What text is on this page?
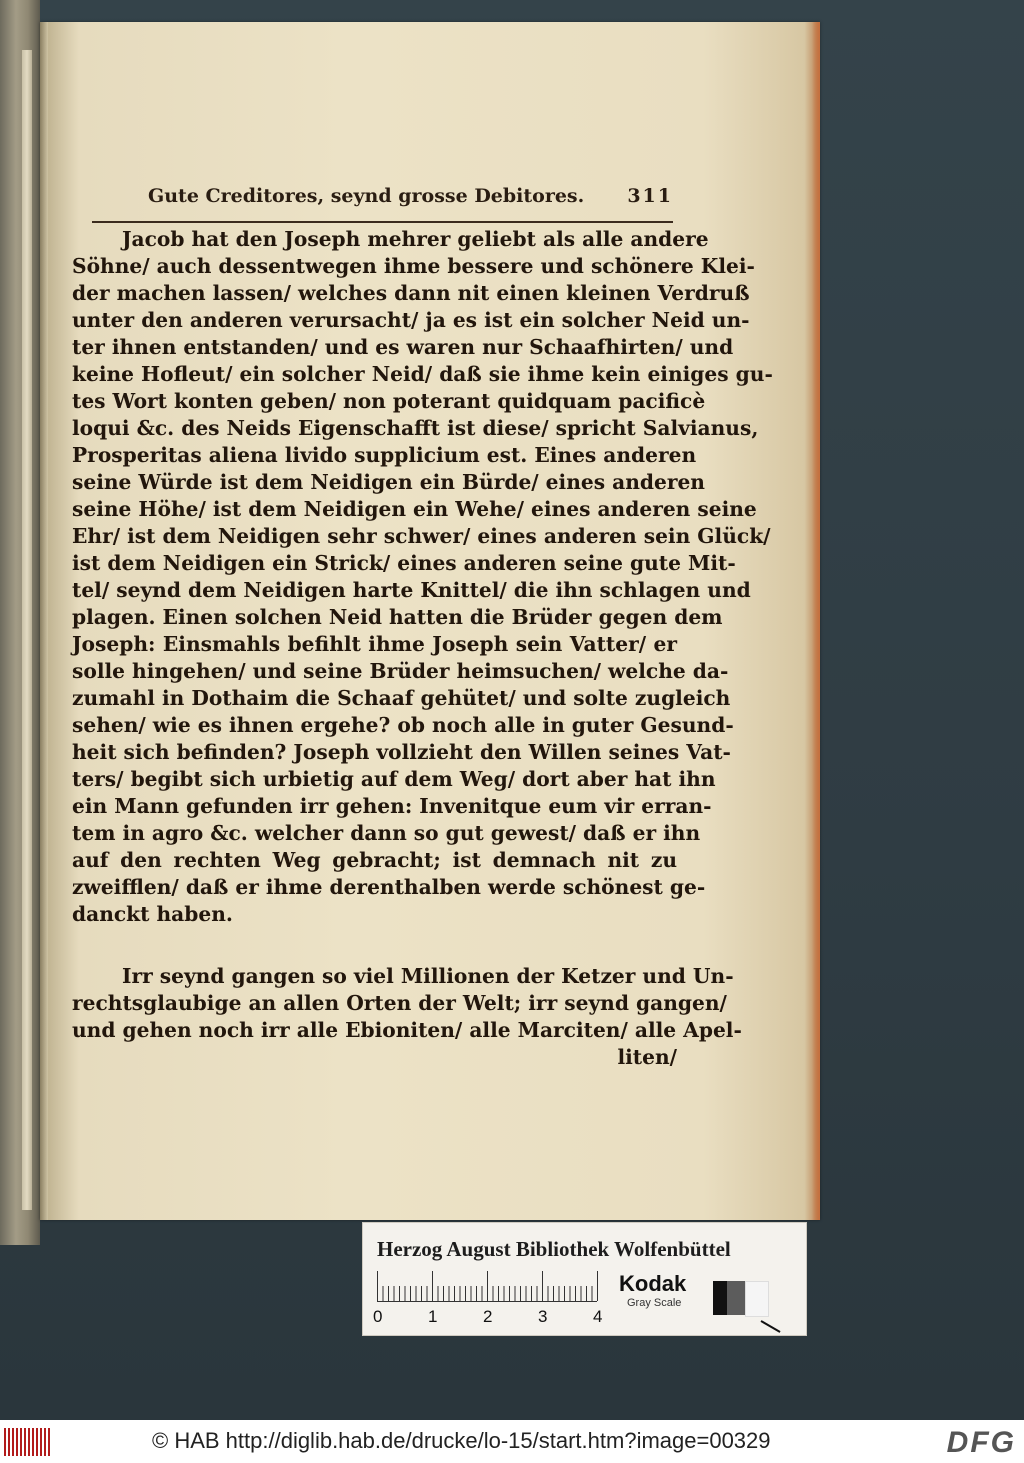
Gute Creditores, seynd grosse Debitores. 311
Jacob hat den Joseph mehrer geliebt als alle andere
Söhne/ auch dessentwegen ihme bessere und schönere Klei-
der machen lassen/ welches dann nit einen kleinen Verdruß
unter den anderen verursacht/ ja es ist ein solcher Neid un-
ter ihnen entstanden/ und es waren nur Schaafhirten/ und
keine Hofleut/ ein solcher Neid/ daß sie ihme kein einiges gu-
tes Wort konten geben/ non poterant quidquam pacificè
loqui &c. des Neids Eigenschafft ist diese/ spricht Salvianus,
Prosperitas aliena livido supplicium est. Eines anderen
seine Würde ist dem Neidigen ein Bürde/ eines anderen
seine Höhe/ ist dem Neidigen ein Wehe/ eines anderen seine
Ehr/ ist dem Neidigen sehr schwer/ eines anderen sein Glück/
ist dem Neidigen ein Strick/ eines anderen seine gute Mit-
tel/ seynd dem Neidigen harte Knittel/ die ihn schlagen und
plagen. Einen solchen Neid hatten die Brüder gegen dem
Joseph: Einsmahls befihlt ihme Joseph sein Vatter/ er
solle hingehen/ und seine Brüder heimsuchen/ welche da-
zumahl in Dothaim die Schaaf gehütet/ und solte zugleich
sehen/ wie es ihnen ergehe? ob noch alle in guter Gesund-
heit sich befinden? Joseph vollzieht den Willen seines Vat-
ters/ begibt sich urbietig auf dem Weg/ dort aber hat ihn
ein Mann gefunden irr gehen: Invenitque eum vir erran-
tem in agro &c. welcher dann so gut gewest/ daß er ihn
auf den rechten Weg gebracht; ist demnach nit zu
zweifflen/ daß er ihme derenthalben werde schönest ge-
danckt haben.
Irr seynd gangen so viel Millionen der Ketzer und Un-
rechtsglaubige an allen Orten der Welt; irr seynd gangen/
und gehen noch irr alle Ebioniten/ alle Marciten/ alle Apel-
liten/
Herzog August Bibliothek Wolfenbüttel
0	1	2	3	4
Kodak
Gray Scale
© HAB http://diglib.hab.de/drucke/lo-15/start.htm?image=00329	DFG
